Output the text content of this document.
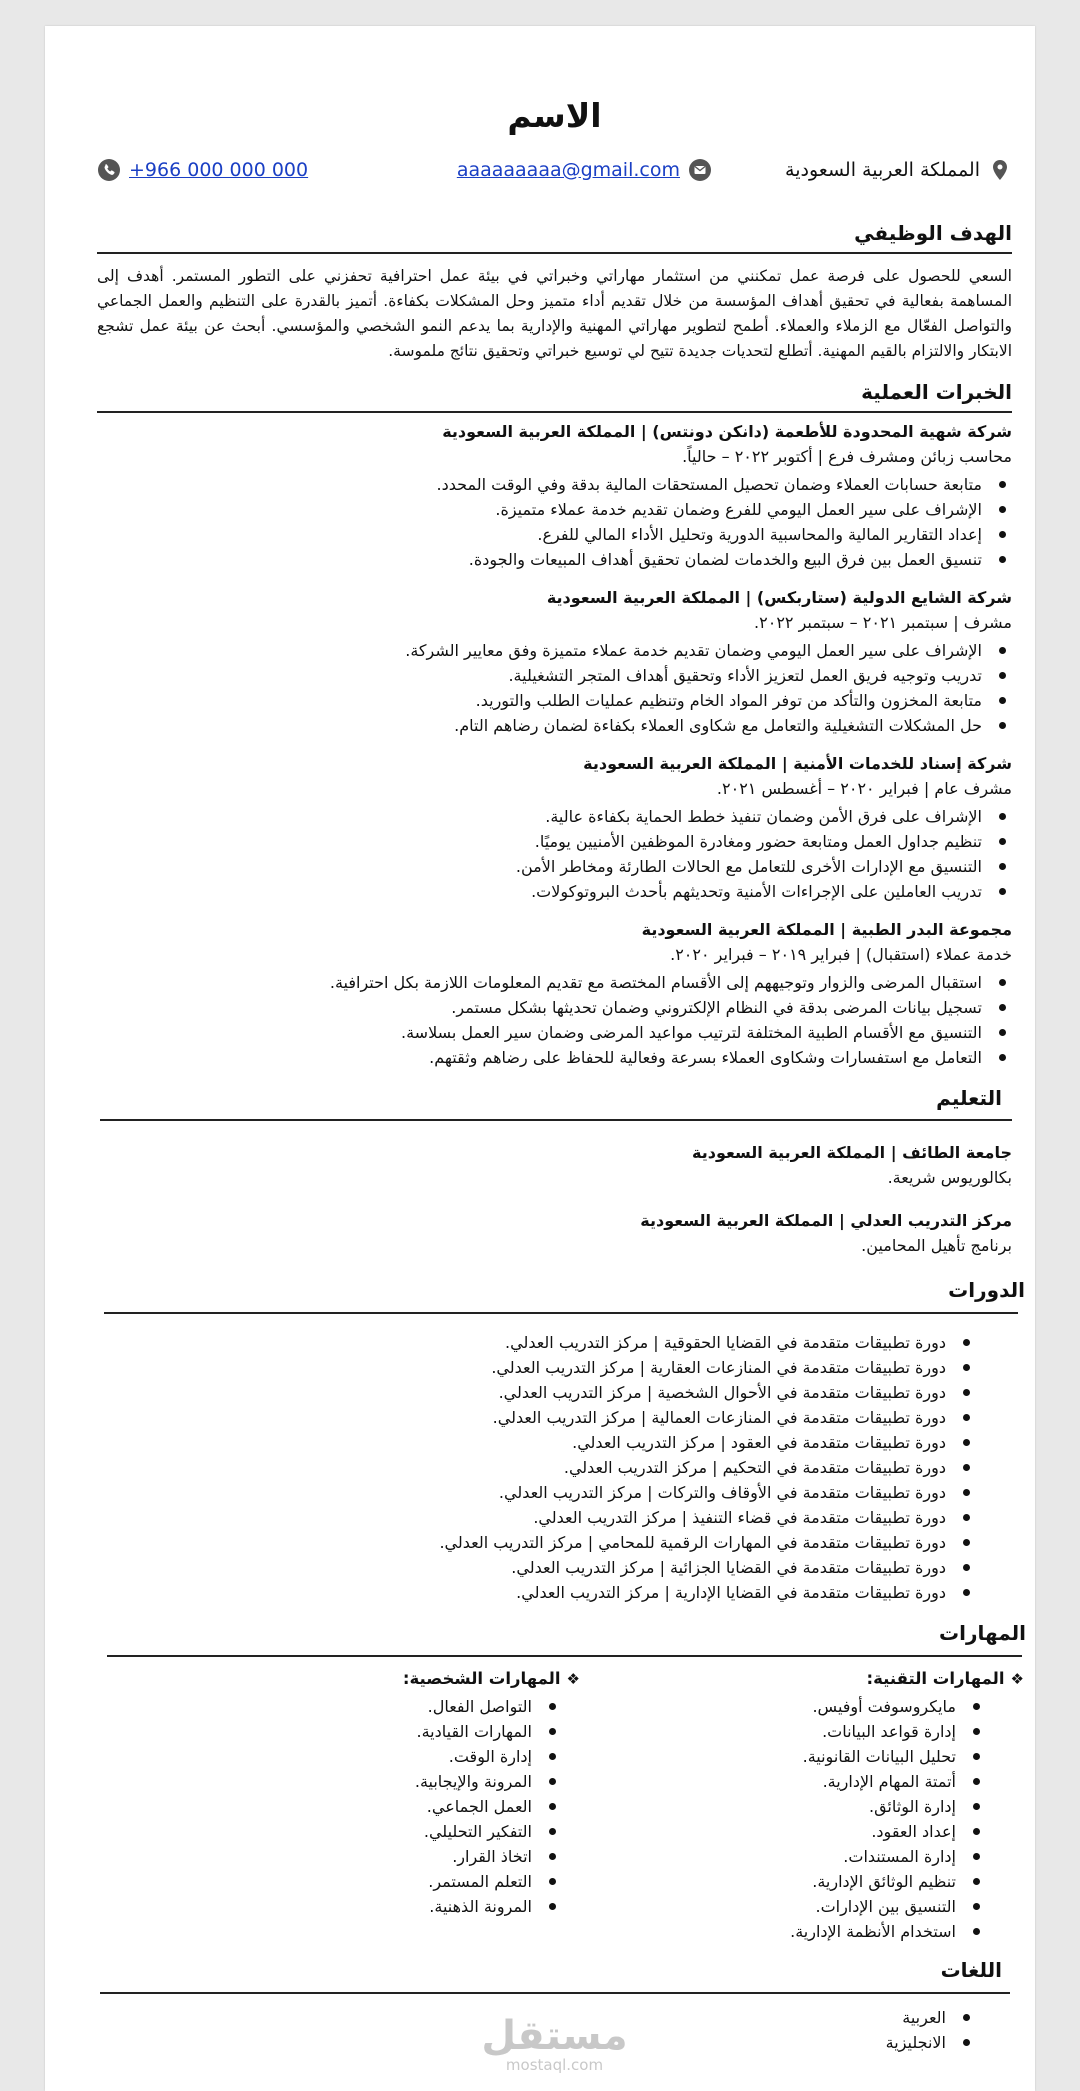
الاسم
المملكة العربية السعودية
aaaaaaaaa@gmail.com
+966 000 000 000
الهدف الوظيفي
السعي للحصول على فرصة عمل تمكنني من استثمار مهاراتي وخبراتي في بيئة عمل احترافية تحفزني على التطور المستمر. أهدف إلى المساهمة بفعالية في تحقيق أهداف المؤسسة من خلال تقديم أداء متميز وحل المشكلات بكفاءة. أتميز بالقدرة على التنظيم والعمل الجماعي والتواصل الفعّال مع الزملاء والعملاء. أطمح لتطوير مهاراتي المهنية والإدارية بما يدعم النمو الشخصي والمؤسسي. أبحث عن بيئة عمل تشجع الابتكار والالتزام بالقيم المهنية. أتطلع لتحديات جديدة تتيح لي توسيع خبراتي وتحقيق نتائج ملموسة.
الخبرات العملية
شركة شهية المحدودة للأطعمة (دانكن دونتس) | المملكة العربية السعودية
محاسب زبائن ومشرف فرع | أكتوبر ٢٠٢٢ – حالياً.
متابعة حسابات العملاء وضمان تحصيل المستحقات المالية بدقة وفي الوقت المحدد.
الإشراف على سير العمل اليومي للفرع وضمان تقديم خدمة عملاء متميزة.
إعداد التقارير المالية والمحاسبية الدورية وتحليل الأداء المالي للفرع.
تنسيق العمل بين فرق البيع والخدمات لضمان تحقيق أهداف المبيعات والجودة.
شركة الشايع الدولية (ستاربكس) | المملكة العربية السعودية
مشرف | سبتمبر ٢٠٢١ – سبتمبر ٢٠٢٢.
الإشراف على سير العمل اليومي وضمان تقديم خدمة عملاء متميزة وفق معايير الشركة.
تدريب وتوجيه فريق العمل لتعزيز الأداء وتحقيق أهداف المتجر التشغيلية.
متابعة المخزون والتأكد من توفر المواد الخام وتنظيم عمليات الطلب والتوريد.
حل المشكلات التشغيلية والتعامل مع شكاوى العملاء بكفاءة لضمان رضاهم التام.
شركة إسناد للخدمات الأمنية | المملكة العربية السعودية
مشرف عام | فبراير ٢٠٢٠ – أغسطس ٢٠٢١.
الإشراف على فرق الأمن وضمان تنفيذ خطط الحماية بكفاءة عالية.
تنظيم جداول العمل ومتابعة حضور ومغادرة الموظفين الأمنيين يوميًا.
التنسيق مع الإدارات الأخرى للتعامل مع الحالات الطارئة ومخاطر الأمن.
تدريب العاملين على الإجراءات الأمنية وتحديثهم بأحدث البروتوكولات.
مجموعة البدر الطبية | المملكة العربية السعودية
خدمة عملاء (استقبال) | فبراير ٢٠١٩ – فبراير ٢٠٢٠.
استقبال المرضى والزوار وتوجيههم إلى الأقسام المختصة مع تقديم المعلومات اللازمة بكل احترافية.
تسجيل بيانات المرضى بدقة في النظام الإلكتروني وضمان تحديثها بشكل مستمر.
التنسيق مع الأقسام الطبية المختلفة لترتيب مواعيد المرضى وضمان سير العمل بسلاسة.
التعامل مع استفسارات وشكاوى العملاء بسرعة وفعالية للحفاظ على رضاهم وثقتهم.
التعليم
جامعة الطائف | المملكة العربية السعودية
بكالوريوس شريعة.
مركز التدريب العدلي | المملكة العربية السعودية
برنامج تأهيل المحامين.
الدورات
دورة تطبيقات متقدمة في القضايا الحقوقية | مركز التدريب العدلي.
دورة تطبيقات متقدمة في المنازعات العقارية | مركز التدريب العدلي.
دورة تطبيقات متقدمة في الأحوال الشخصية | مركز التدريب العدلي.
دورة تطبيقات متقدمة في المنازعات العمالية | مركز التدريب العدلي.
دورة تطبيقات متقدمة في العقود | مركز التدريب العدلي.
دورة تطبيقات متقدمة في التحكيم | مركز التدريب العدلي.
دورة تطبيقات متقدمة في الأوقاف والتركات | مركز التدريب العدلي.
دورة تطبيقات متقدمة في قضاء التنفيذ | مركز التدريب العدلي.
دورة تطبيقات متقدمة في المهارات الرقمية للمحامي | مركز التدريب العدلي.
دورة تطبيقات متقدمة في القضايا الجزائية | مركز التدريب العدلي.
دورة تطبيقات متقدمة في القضايا الإدارية | مركز التدريب العدلي.
المهارات
❖المهارات التقنية:
مايكروسوفت أوفيس.
إدارة قواعد البيانات.
تحليل البيانات القانونية.
أتمتة المهام الإدارية.
إدارة الوثائق.
إعداد العقود.
إدارة المستندات.
تنظيم الوثائق الإدارية.
التنسيق بين الإدارات.
استخدام الأنظمة الإدارية.
❖المهارات الشخصية:
التواصل الفعال.
المهارات القيادية.
إدارة الوقت.
المرونة والإيجابية.
العمل الجماعي.
التفكير التحليلي.
اتخاذ القرار.
التعلم المستمر.
المرونة الذهنية.
اللغات
العربية
الانجليزية
مستقل
mostaql.com
